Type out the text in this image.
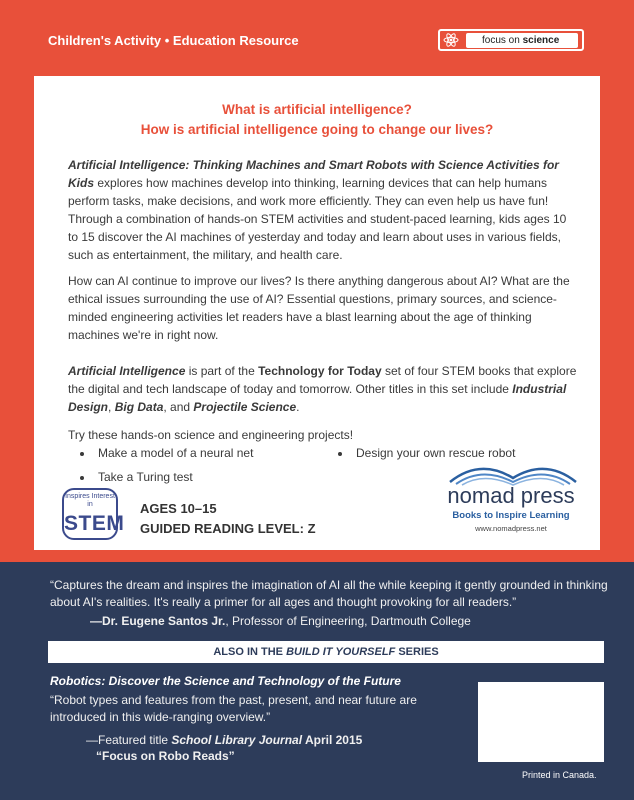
Children's Activity • Education Resource	focus on science
What is artificial intelligence?
How is artificial intelligence going to change our lives?
Artificial Intelligence: Thinking Machines and Smart Robots with Science Activities for Kids explores how machines develop into thinking, learning devices that can help humans perform tasks, make decisions, and work more efficiently. They can even help us have fun! Through a combination of hands-on STEM activities and student-paced learning, kids ages 10 to 15 discover the AI machines of yesterday and today and learn about uses in various fields, such as entertainment, the military, and health care.
How can AI continue to improve our lives? Is there anything dangerous about AI? What are the ethical issues surrounding the use of AI? Essential questions, primary sources, and science-minded engineering activities let readers have a blast learning about the age of thinking machines we're in right now.
Artificial Intelligence is part of the Technology for Today set of four STEM books that explore the digital and tech landscape of today and tomorrow. Other titles in this set include Industrial Design, Big Data, and Projectile Science.
Try these hands-on science and engineering projects!
Make a model of a neural net
Take a Turing test
Design your own rescue robot
Inspires Interest in
STEM
AGES 10–15
GUIDED READING LEVEL: Z
nomad press
Books to Inspire Learning
www.nomadpress.net
“Captures the dream and inspires the imagination of AI all the while keeping it gently grounded in thinking about AI's realities. It's really a primer for all ages and thought provoking for all readers.”
—Dr. Eugene Santos Jr., Professor of Engineering, Dartmouth College
ALSO IN THE BUILD IT YOURSELF SERIES
Robotics: Discover the Science and Technology of the Future
“Robot types and features from the past, present, and near future are introduced in this wide-ranging overview.”
—Featured title School Library Journal April 2015
“Focus on Robo Reads”
Printed in Canada.
